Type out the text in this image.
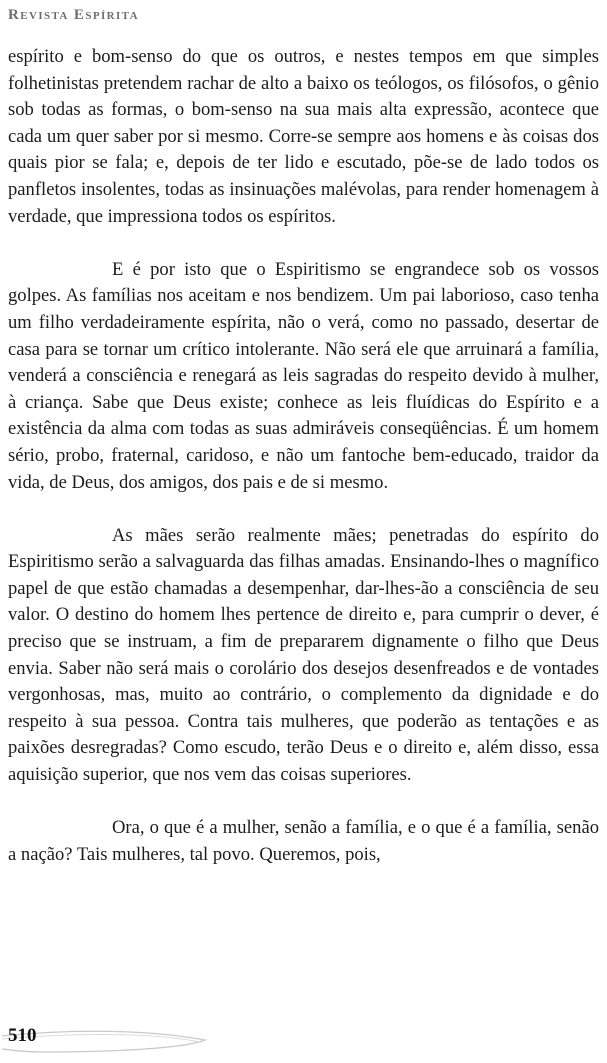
Revista Espírita

espírito e bom-senso do que os outros, e nestes tempos em que simples folhetinistas pretendem rachar de alto a baixo os teólogos, os filósofos, o gênio sob todas as formas, o bom-senso na sua mais alta expressão, acontece que cada um quer saber por si mesmo. Corre-se sempre aos homens e às coisas dos quais pior se fala; e, depois de ter lido e escutado, põe-se de lado todos os panfletos insolentes, todas as insinuações malévolas, para render homenagem à verdade, que impressiona todos os espíritos.

E é por isto que o Espiritismo se engrandece sob os vossos golpes. As famílias nos aceitam e nos bendizem. Um pai laborioso, caso tenha um filho verdadeiramente espírita, não o verá, como no passado, desertar de casa para se tornar um crítico intolerante. Não será ele que arruinará a família, venderá a consciência e renegará as leis sagradas do respeito devido à mulher, à criança. Sabe que Deus existe; conhece as leis fluídicas do Espírito e a existência da alma com todas as suas admiráveis conseqüências. É um homem sério, probo, fraternal, caridoso, e não um fantoche bem-educado, traidor da vida, de Deus, dos amigos, dos pais e de si mesmo.

As mães serão realmente mães; penetradas do espírito do Espiritismo serão a salvaguarda das filhas amadas. Ensinando-lhes o magnífico papel de que estão chamadas a desempenhar, dar-lhes-ão a consciência de seu valor. O destino do homem lhes pertence de direito e, para cumprir o dever, é preciso que se instruam, a fim de prepararem dignamente o filho que Deus envia. Saber não será mais o corolário dos desejos desenfreados e de vontades vergonhosas, mas, muito ao contrário, o complemento da dignidade e do respeito à sua pessoa. Contra tais mulheres, que poderão as tentações e as paixões desregradas? Como escudo, terão Deus e o direito e, além disso, essa aquisição superior, que nos vem das coisas superiores.

Ora, o que é a mulher, senão a família, e o que é a família, senão a nação? Tais mulheres, tal povo. Queremos, pois,

510
